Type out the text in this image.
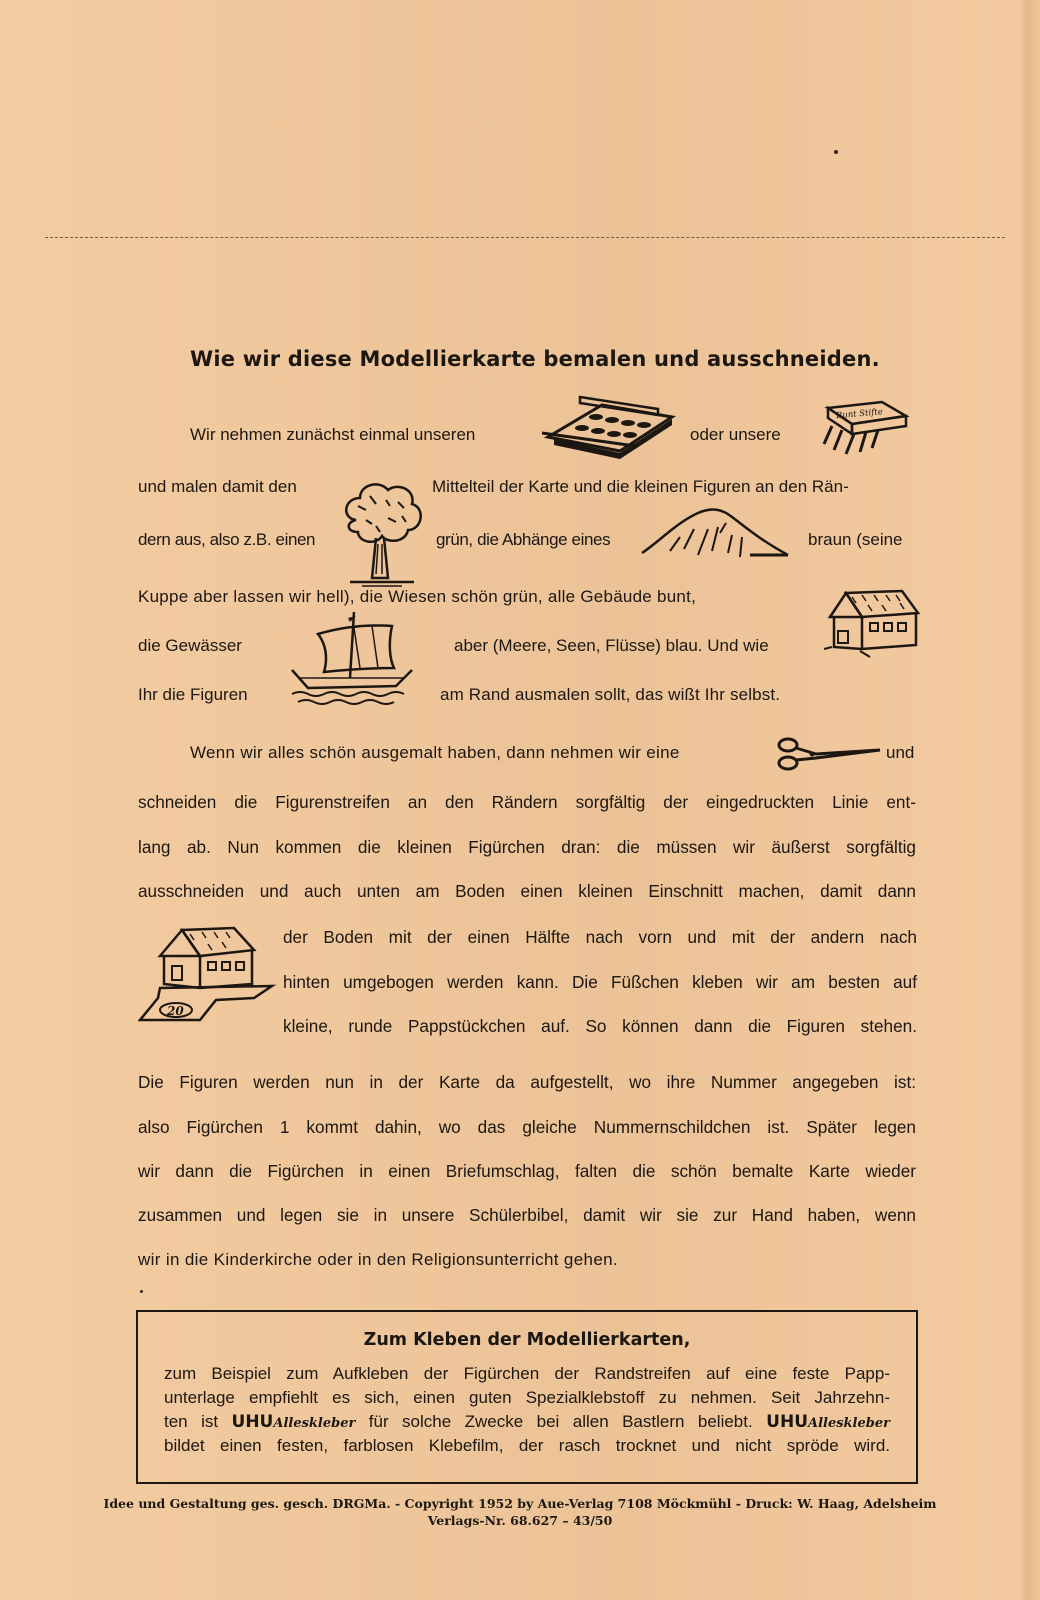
Wie wir diese Modellierkarte bemalen und ausschneiden.
Wir nehmen zunächst einmal unseren	oder unsere
Bunt Stifte
und malen damit den	Mittelteil der Karte und die kleinen Figuren an den Rän-
dern aus, also z.B. einen	grün, die Abhänge eines	braun (seine
Kuppe aber lassen wir hell), die Wiesen schön grün, alle Gebäude bunt,
die Gewässer	aber (Meere, Seen, Flüsse) blau. Und wie
Ihr die Figuren	am Rand ausmalen sollt, das wißt Ihr selbst.
Wenn wir alles schön ausgemalt haben, dann nehmen wir eine	und
schneiden die Figurenstreifen an den Rändern sorgfältig der eingedruckten Linie ent-
lang ab. Nun kommen die kleinen Figürchen dran: die müssen wir äußerst sorgfältig
ausschneiden und auch unten am Boden einen kleinen Einschnitt machen, damit dann
20
der Boden mit der einen Hälfte nach vorn und mit der andern nach
hinten umgebogen werden kann. Die Füßchen kleben wir am besten auf
kleine, runde Pappstückchen auf. So können dann die Figuren stehen.
Die Figuren werden nun in der Karte da aufgestellt, wo ihre Nummer angegeben ist:
also Figürchen 1 kommt dahin, wo das gleiche Nummernschildchen ist. Später legen
wir dann die Figürchen in einen Briefumschlag, falten die schön bemalte Karte wieder
zusammen und legen sie in unsere Schülerbibel, damit wir sie zur Hand haben, wenn
wir in die Kinderkirche oder in den Religionsunterricht gehen.
Zum Kleben der Modellierkarten,
zum Beispiel zum Aufkleben der Figürchen der Randstreifen auf eine feste Papp-
unterlage empfiehlt es sich, einen guten Spezialklebstoff zu nehmen. Seit Jahrzehn-
ten ist UHUAlleskleber für solche Zwecke bei allen Bastlern beliebt. UHUAlleskleber
bildet einen festen, farblosen Klebefilm, der rasch trocknet und nicht spröde wird.
Idee und Gestaltung ges. gesch. DRGMa. - Copyright 1952 by Aue-Verlag 7108 Möckmühl - Druck: W. Haag, Adelsheim
Verlags-Nr. 68.627 – 43/50
